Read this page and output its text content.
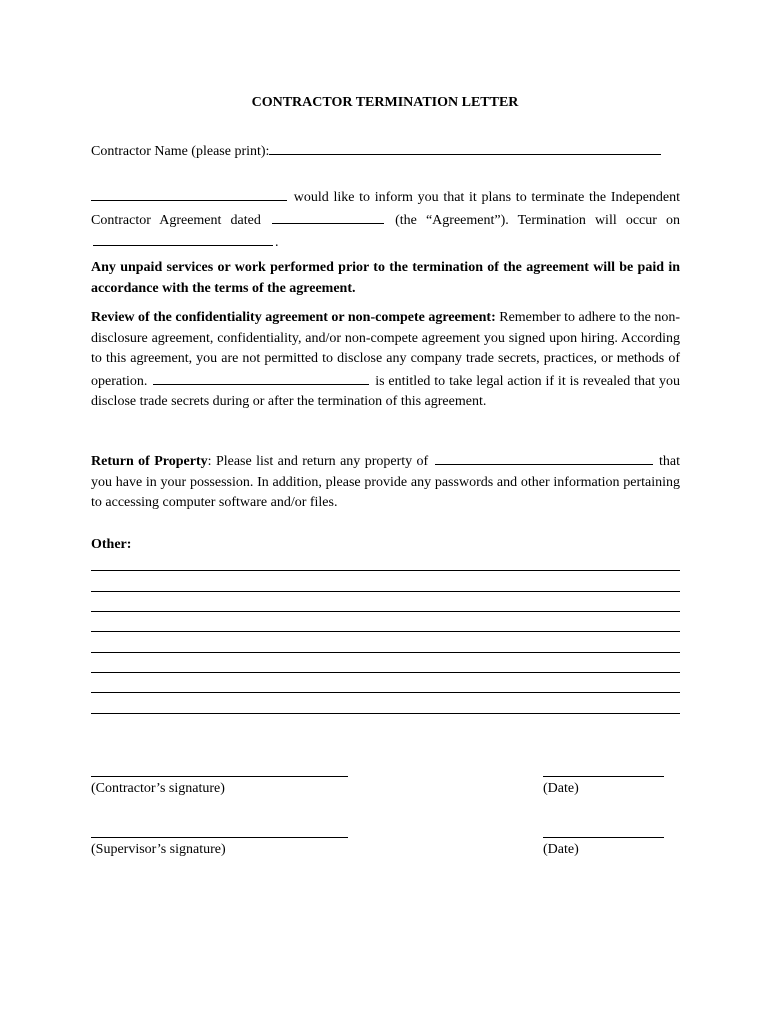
CONTRACTOR TERMINATION LETTER
Contractor Name (please print):
would like to inform you that it plans to terminate the Independent Contractor Agreement dated	(the “Agreement”). Termination will occur on .
Any unpaid services or work performed prior to the termination of the agreement will be paid in accordance with the terms of the agreement.
Review of the confidentiality agreement or non-compete agreement: Remember to adhere to the non-disclosure agreement, confidentiality, and/or non-compete agreement you signed upon hiring. According to this agreement, you are not permitted to disclose any company trade secrets, practices, or methods of operation.	is entitled to take legal action if it is revealed that you disclose trade secrets during or after the termination of this agreement.
Return of Property: Please list and return any property of	that you have in your possession. In addition, please provide any passwords and other information pertaining to accessing computer software and/or files.
Other:
(Contractor’s signature)	(Date)
(Supervisor’s signature)	(Date)
